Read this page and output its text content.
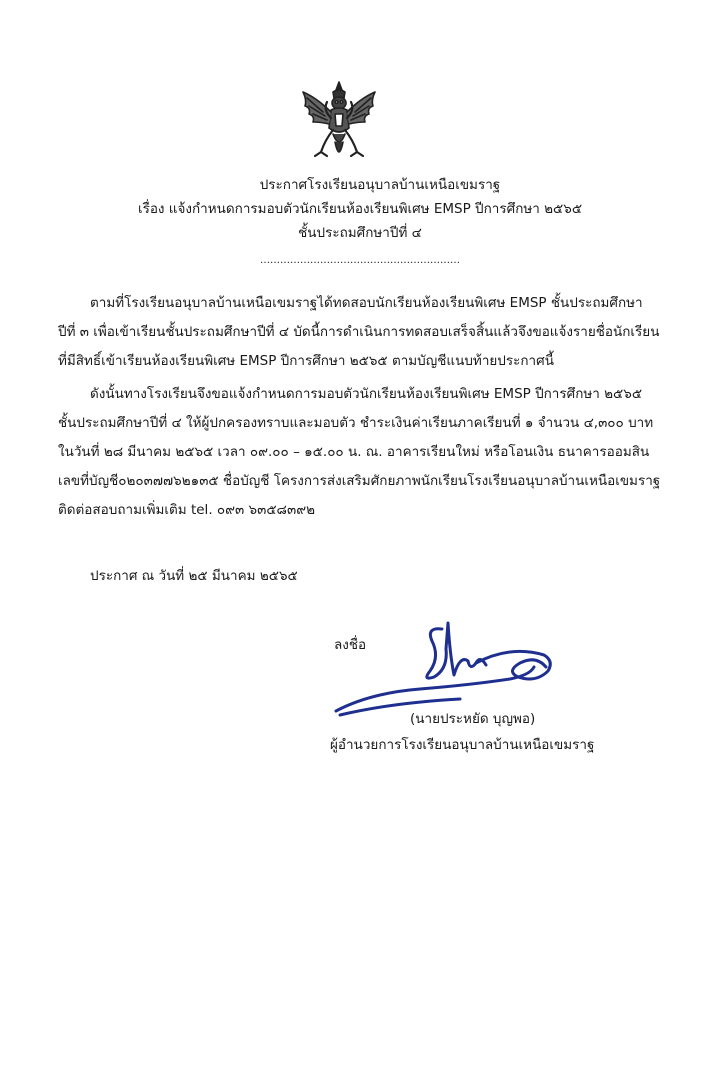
ประกาศโรงเรียนอนุบาลบ้านเหนือเขมราฐ
เรื่อง แจ้งกำหนดการมอบตัวนักเรียนห้องเรียนพิเศษ EMSP ปีการศึกษา ๒๕๖๕
ชั้นประถมศึกษาปีที่ ๔
……………………………………………………
ตามที่โรงเรียนอนุบาลบ้านเหนือเขมราฐได้ทดสอบนักเรียนห้องเรียนพิเศษ EMSP ชั้นประถมศึกษา
ปีที่ ๓ เพื่อเข้าเรียนชั้นประถมศึกษาปีที่ ๔ บัดนี้การดำเนินการทดสอบเสร็จสิ้นแล้วจึงขอแจ้งรายชื่อนักเรียน
ที่มีสิทธิ์เข้าเรียนห้องเรียนพิเศษ EMSP ปีการศึกษา ๒๕๖๕ ตามบัญชีแนบท้ายประกาศนี้
ดังนั้นทางโรงเรียนจึงขอแจ้งกำหนดการมอบตัวนักเรียนห้องเรียนพิเศษ EMSP ปีการศึกษา ๒๕๖๕
ชั้นประถมศึกษาปีที่ ๔ ให้ผู้ปกครองทราบและมอบตัว ชำระเงินค่าเรียนภาคเรียนที่ ๑ จำนวน ๔,๓๐๐ บาท
ในวันที่ ๒๘ มีนาคม ๒๕๖๕ เวลา ๐๙.๐๐ – ๑๕.๐๐ น. ณ. อาคารเรียนใหม่ หรือโอนเงิน ธนาคารออมสิน
เลขที่บัญชี๐๒๐๓๗๗๖๒๑๓๕ ชื่อบัญชี โครงการส่งเสริมศักยภาพนักเรียนโรงเรียนอนุบาลบ้านเหนือเขมราฐ
ติดต่อสอบถามเพิ่มเติม tel. ๐๙๓ ๖๓๕๘๓๙๒
ประกาศ ณ วันที่ ๒๕ มีนาคม ๒๕๖๕
ลงชื่อ
(นายประหยัด บุญพอ)
ผู้อำนวยการโรงเรียนอนุบาลบ้านเหนือเขมราฐ
